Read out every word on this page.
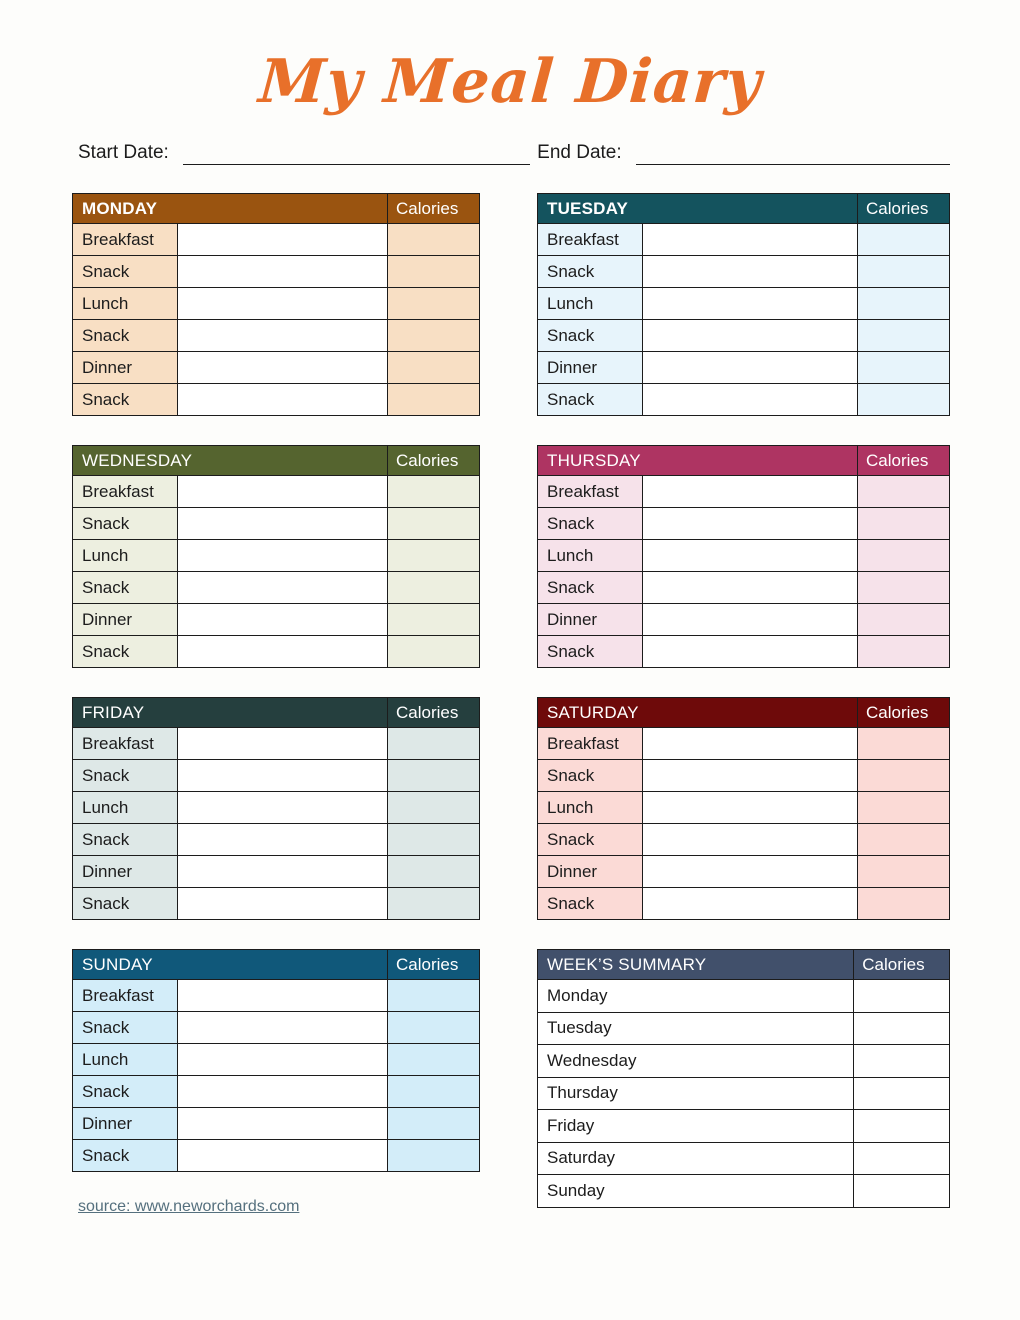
My Meal Diary
Start Date:	End Date:
MONDAY		Calories
Breakfast		
Snack		
Lunch		
Snack		
Dinner		
Snack		
TUESDAY		Calories
Breakfast		
Snack		
Lunch		
Snack		
Dinner		
Snack		
WEDNESDAY		Calories
Breakfast		
Snack		
Lunch		
Snack		
Dinner		
Snack		
THURSDAY		Calories
Breakfast		
Snack		
Lunch		
Snack		
Dinner		
Snack		
FRIDAY		Calories
Breakfast		
Snack		
Lunch		
Snack		
Dinner		
Snack		
SATURDAY		Calories
Breakfast		
Snack		
Lunch		
Snack		
Dinner		
Snack		
SUNDAY		Calories
Breakfast		
Snack		
Lunch		
Snack		
Dinner		
Snack		
WEEK’S SUMMARY	Calories
Monday	
Tuesday	
Wednesday	
Thursday	
Friday	
Saturday	
Sunday	
source: www.neworchards.com
